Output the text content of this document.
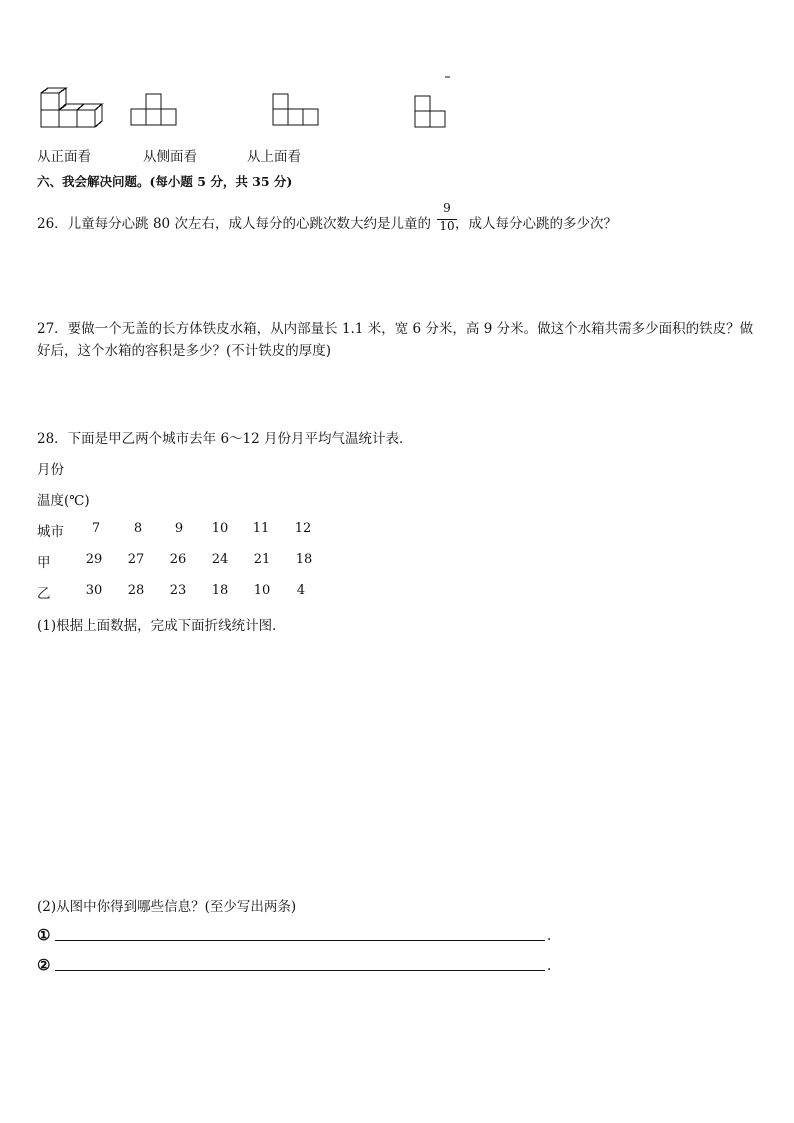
从正面看	从侧面看	从上面看
六、我会解决问题。(每小题 5 分，共 35 分)
26．儿童每分心跳 80 次左右，成人每分的心跳次数大约是儿童的 ，成人每分心跳的多少次？
9
10
27．要做一个无盖的长方体铁皮水箱，从内部量长 1.1 米，宽 6 分米，高 9 分米。做这个水箱共需多少面积的铁皮？做
好后，这个水箱的容积是多少？(不计铁皮的厚度)
28．下面是甲乙两个城市去年 6～12 月份月平均气温统计表．
月份
温度(℃)
城市	7	8	9	10	11	12
甲	29	27	26	24	21	18
乙	30	28	23	18	10	4
(1)根据上面数据，完成下面折线统计图．
(2)从图中你得到哪些信息？(至少写出两条)
①	.
②	.
